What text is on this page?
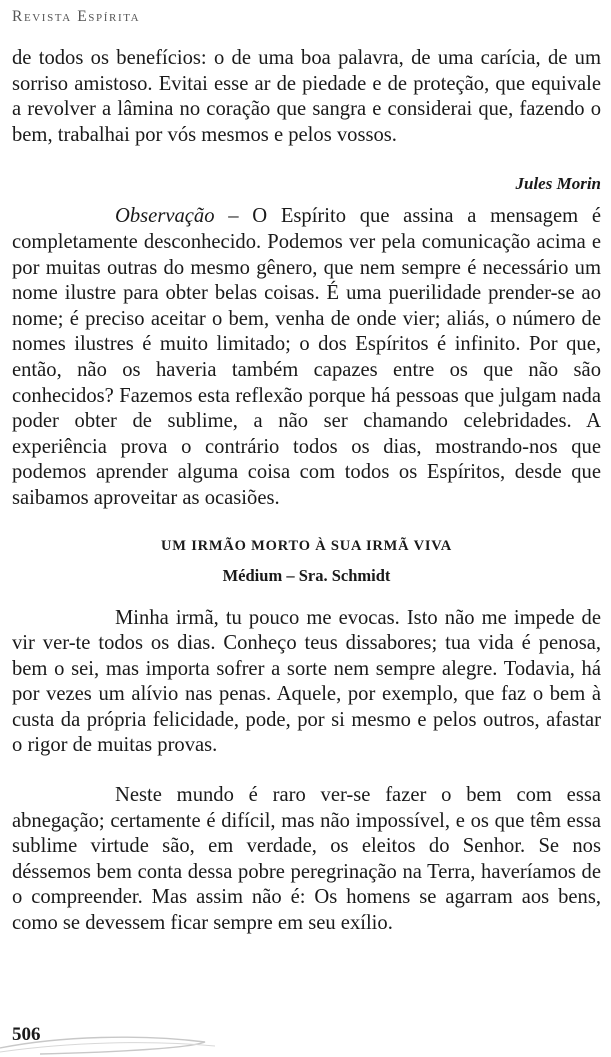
Revista Espírita

de todos os benefícios: o de uma boa palavra, de uma carícia, de um sorriso amistoso. Evitai esse ar de piedade e de proteção, que equivale a revolver a lâmina no coração que sangra e considerai que, fazendo o bem, trabalhai por vós mesmos e pelos vossos.

Jules Morin

Observação – O Espírito que assina a mensagem é completamente desconhecido. Podemos ver pela comunicação acima e por muitas outras do mesmo gênero, que nem sempre é necessário um nome ilustre para obter belas coisas. É uma puerilidade prender-se ao nome; é preciso aceitar o bem, venha de onde vier; aliás, o número de nomes ilustres é muito limitado; o dos Espíritos é infinito. Por que, então, não os haveria também capazes entre os que não são conhecidos? Fazemos esta reflexão porque há pessoas que julgam nada poder obter de sublime, a não ser chamando celebridades. A experiência prova o contrário todos os dias, mostrando-nos que podemos aprender alguma coisa com todos os Espíritos, desde que saibamos aproveitar as ocasiões.

UM IRMÃO MORTO À SUA IRMÃ VIVA

Médium – Sra. Schmidt

Minha irmã, tu pouco me evocas. Isto não me impede de vir ver-te todos os dias. Conheço teus dissabores; tua vida é penosa, bem o sei, mas importa sofrer a sorte nem sempre alegre. Todavia, há por vezes um alívio nas penas. Aquele, por exemplo, que faz o bem à custa da própria felicidade, pode, por si mesmo e pelos outros, afastar o rigor de muitas provas.

Neste mundo é raro ver-se fazer o bem com essa abnegação; certamente é difícil, mas não impossível, e os que têm essa sublime virtude são, em verdade, os eleitos do Senhor. Se nos déssemos bem conta dessa pobre peregrinação na Terra, haveríamos de o compreender. Mas assim não é: Os homens se agarram aos bens, como se devessem ficar sempre em seu exílio.

506
